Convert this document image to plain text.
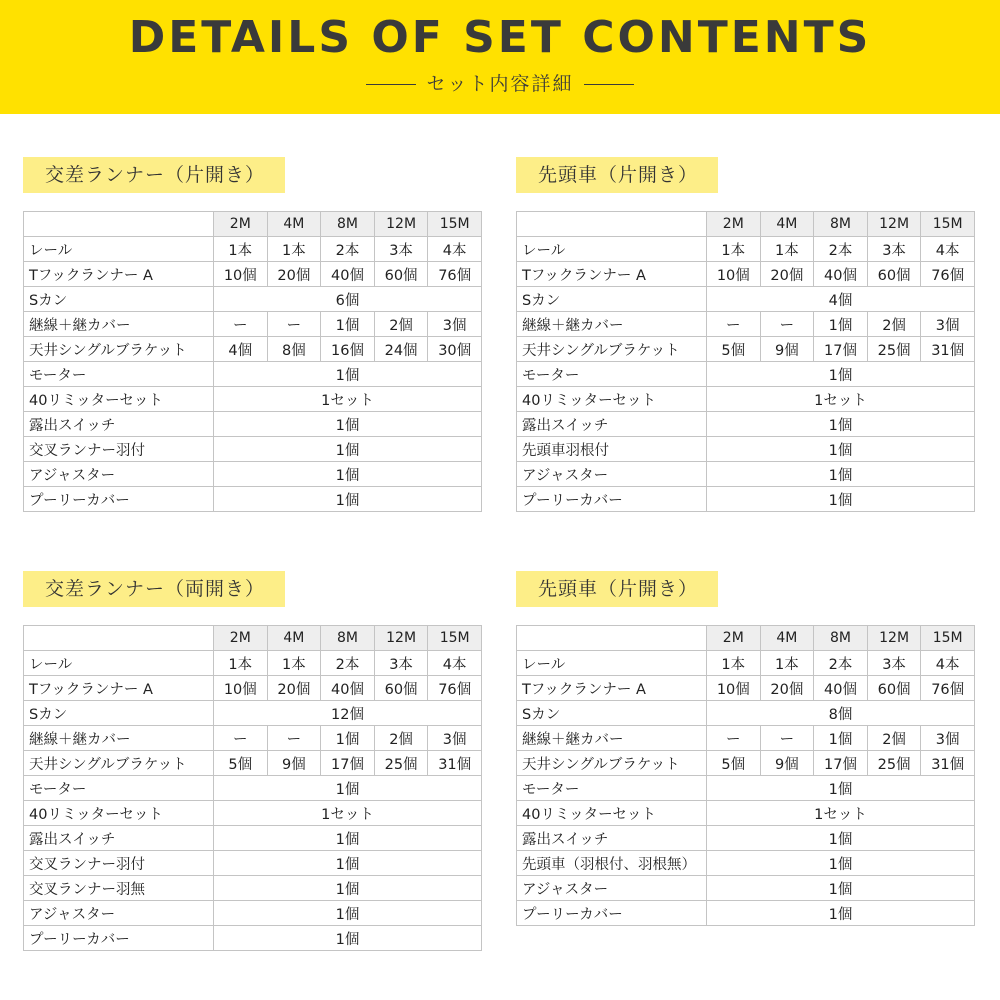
DETAILS OF SET CONTENTS
セット内容詳細
交差ランナー（片開き）
	2M	4M	8M	12M	15M
レール	1本	1本	2本	3本	4本
Tフックランナー A	10個	20個	40個	60個	76個
Sカン	6個				
継線＋継カバー	ー	ー	1個	2個	3個
天井シングルブラケット	4個	8個	16個	24個	30個
モーター	1個				
40リミッターセット	1セット				
露出スイッチ	1個				
交叉ランナー羽付	1個				
アジャスター	1個				
プーリーカバー	1個				
先頭車（片開き）
	2M	4M	8M	12M	15M
レール	1本	1本	2本	3本	4本
Tフックランナー A	10個	20個	40個	60個	76個
Sカン	4個				
継線＋継カバー	ー	ー	1個	2個	3個
天井シングルブラケット	5個	9個	17個	25個	31個
モーター	1個				
40リミッターセット	1セット				
露出スイッチ	1個				
先頭車羽根付	1個				
アジャスター	1個				
プーリーカバー	1個				
交差ランナー（両開き）
	2M	4M	8M	12M	15M
レール	1本	1本	2本	3本	4本
Tフックランナー A	10個	20個	40個	60個	76個
Sカン	12個				
継線＋継カバー	ー	ー	1個	2個	3個
天井シングルブラケット	5個	9個	17個	25個	31個
モーター	1個				
40リミッターセット	1セット				
露出スイッチ	1個				
交叉ランナー羽付	1個				
交叉ランナー羽無	1個				
アジャスター	1個				
プーリーカバー	1個				
先頭車（片開き）
	2M	4M	8M	12M	15M
レール	1本	1本	2本	3本	4本
Tフックランナー A	10個	20個	40個	60個	76個
Sカン	8個				
継線＋継カバー	ー	ー	1個	2個	3個
天井シングルブラケット	5個	9個	17個	25個	31個
モーター	1個				
40リミッターセット	1セット				
露出スイッチ	1個				
先頭車（羽根付、羽根無）	1個				
アジャスター	1個				
プーリーカバー	1個				
